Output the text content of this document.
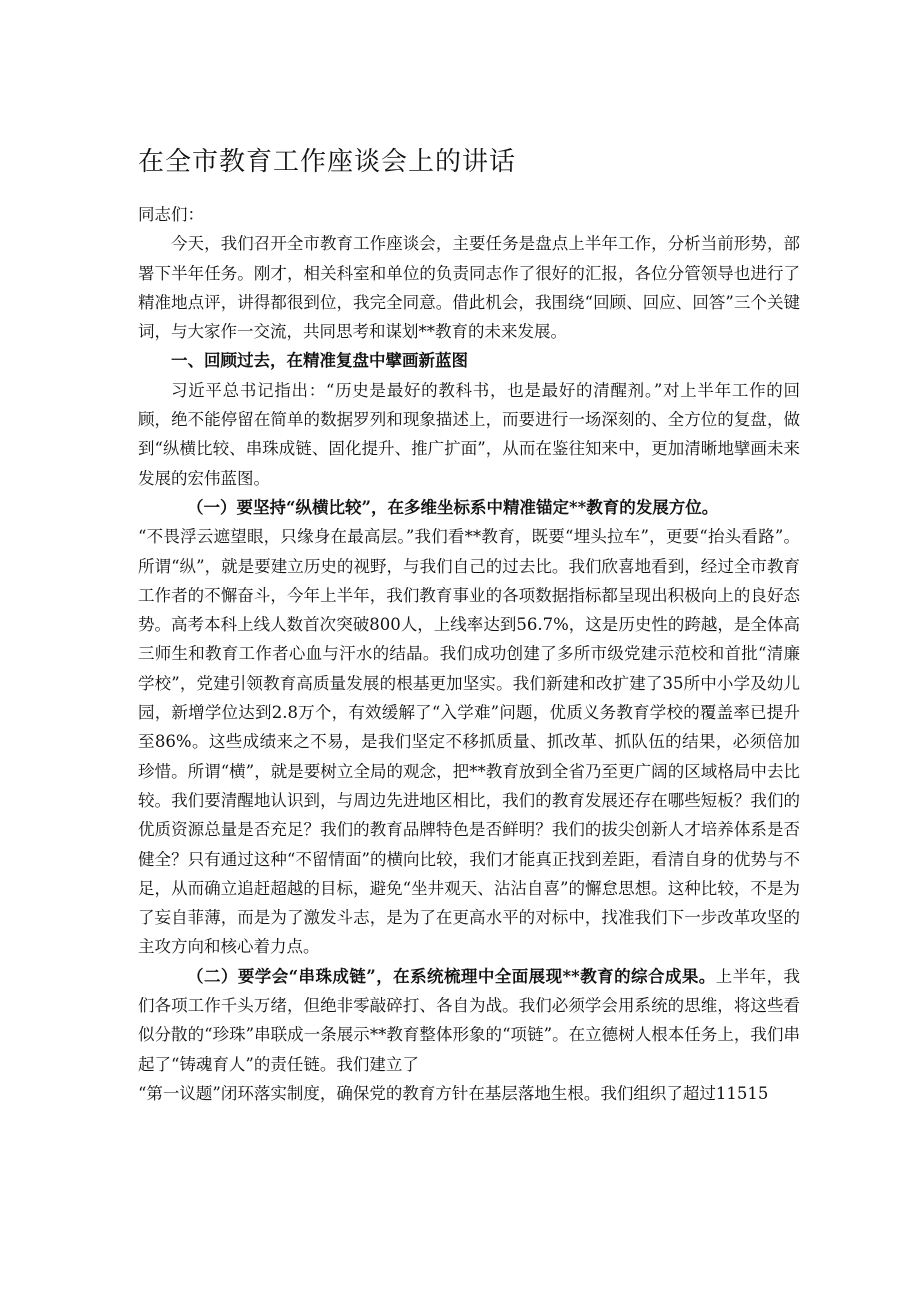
在全市教育工作座谈会上的讲话

同志们：

今天，我们召开全市教育工作座谈会，主要任务是盘点上半年工作，分析当前形势，部署下半年任务。刚才，相关科室和单位的负责同志作了很好的汇报，各位分管领导也进行了精准地点评，讲得都很到位，我完全同意。借此机会，我围绕“回顾、回应、回答”三个关键词，与大家作一交流，共同思考和谋划**教育的未来发展。

一、回顾过去，在精准复盘中擘画新蓝图

习近平总书记指出：“历史是最好的教科书，也是最好的清醒剂。”对上半年工作的回顾，绝不能停留在简单的数据罗列和现象描述上，而要进行一场深刻的、全方位的复盘，做到“纵横比较、串珠成链、固化提升、推广扩面”，从而在鉴往知来中，更加清晰地擘画未来发展的宏伟蓝图。

（一）要坚持“纵横比较”，在多维坐标系中精准锚定**教育的发展方位。

“不畏浮云遮望眼，只缘身在最高层。”我们看**教育，既要“埋头拉车”，更要“抬头看路”。所谓“纵”，就是要建立历史的视野，与我们自己的过去比。我们欣喜地看到，经过全市教育工作者的不懈奋斗，今年上半年，我们教育事业的各项数据指标都呈现出积极向上的良好态势。高考本科上线人数首次突破800人，上线率达到56.7%，这是历史性的跨越，是全体高三师生和教育工作者心血与汗水的结晶。我们成功创建了多所市级党建示范校和首批“清廉学校”，党建引领教育高质量发展的根基更加坚实。我们新建和改扩建了35所中小学及幼儿园，新增学位达到2.8万个，有效缓解了“入学难”问题，优质义务教育学校的覆盖率已提升至86%。这些成绩来之不易，是我们坚定不移抓质量、抓改革、抓队伍的结果，必须倍加珍惜。所谓“横”，就是要树立全局的观念，把**教育放到全省乃至更广阔的区域格局中去比较。我们要清醒地认识到，与周边先进地区相比，我们的教育发展还存在哪些短板？我们的优质资源总量是否充足？我们的教育品牌特色是否鲜明？我们的拔尖创新人才培养体系是否健全？只有通过这种“不留情面”的横向比较，我们才能真正找到差距，看清自身的优势与不足，从而确立追赶超越的目标，避免“坐井观天、沾沾自喜”的懈怠思想。这种比较，不是为了妄自菲薄，而是为了激发斗志，是为了在更高水平的对标中，找准我们下一步改革攻坚的主攻方向和核心着力点。

（二）要学会“串珠成链”，在系统梳理中全面展现**教育的综合成果。上半年，我们各项工作千头万绪，但绝非零敲碎打、各自为战。我们必须学会用系统的思维，将这些看似分散的“珍珠”串联成一条展示**教育整体形象的“项链”。在立德树人根本任务上，我们串起了“铸魂育人”的责任链。我们建立了

“第一议题”闭环落实制度，确保党的教育方针在基层落地生根。我们组织了超过11515
